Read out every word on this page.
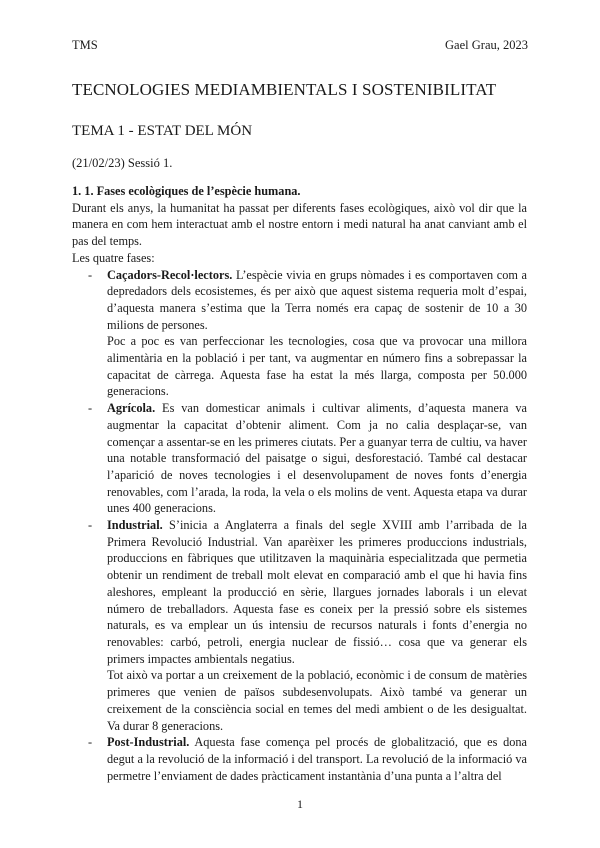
TMS	Gael Grau, 2023
TECNOLOGIES MEDIAMBIENTALS I SOSTENIBILITAT
TEMA 1 - ESTAT DEL MÓN
(21/02/23) Sessió 1.
1. 1. Fases ecològiques de l’espècie humana.

Durant els anys, la humanitat ha passat per diferents fases ecològiques, això vol dir que la manera en com hem interactuat amb el nostre entorn i medi natural ha anat canviant amb el pas del temps.

Les quatre fases:

- Caçadors-Recol·lectors. L’espècie vivia en grups nòmades i es comportaven com a depredadors dels ecosistemes, és per això que aquest sistema requeria molt d’espai, d’aquesta manera s’estima que la Terra només era capaç de sostenir de 10 a 30 milions de persones.

Poc a poc es van perfeccionar les tecnologies, cosa que va provocar una millora alimentària en la població i per tant, va augmentar en número fins a sobrepassar la capacitat de càrrega. Aquesta fase ha estat la més llarga, composta per 50.000 generacions.

- Agrícola. Es van domesticar animals i cultivar aliments, d’aquesta manera va augmentar la capacitat d’obtenir aliment. Com ja no calia desplaçar-se, van començar a assentar-se en les primeres ciutats. Per a guanyar terra de cultiu, va haver una notable transformació del paisatge o sigui, desforestació. També cal destacar l’aparició de noves tecnologies i el desenvolupament de noves fonts d’energia renovables, com l’arada, la roda, la vela o els molins de vent. Aquesta etapa va durar unes 400 generacions.
- Industrial. S’inicia a Anglaterra a finals del segle XVIII amb l’arribada de la Primera Revolució Industrial. Van aparèixer les primeres produccions industrials, produccions en fàbriques que utilitzaven la maquinària especialitzada que permetia obtenir un rendiment de treball molt elevat en comparació amb el que hi havia fins aleshores, empleant la producció en sèrie, llargues jornades laborals i un elevat número de treballadors. Aquesta fase es coneix per la pressió sobre els sistemes naturals, es va emplear un ús intensiu de recursos naturals i fonts d’energia no renovables: carbó, petroli, energia nuclear de fissió… cosa que va generar els primers impactes ambientals negatius.

Tot això va portar a un creixement de la població, econòmic i de consum de matèries primeres que venien de països subdesenvolupats. Això també va generar un creixement de la consciència social en temes del medi ambient o de les desigualtat. Va durar 8 generacions.

- Post-Industrial. Aquesta fase comença pel procés de globalització, que es dona degut a la revolució de la informació i del transport. La revolució de la informació va permetre l’enviament de dades pràcticament instantània d’una punta a l’altra del
1
